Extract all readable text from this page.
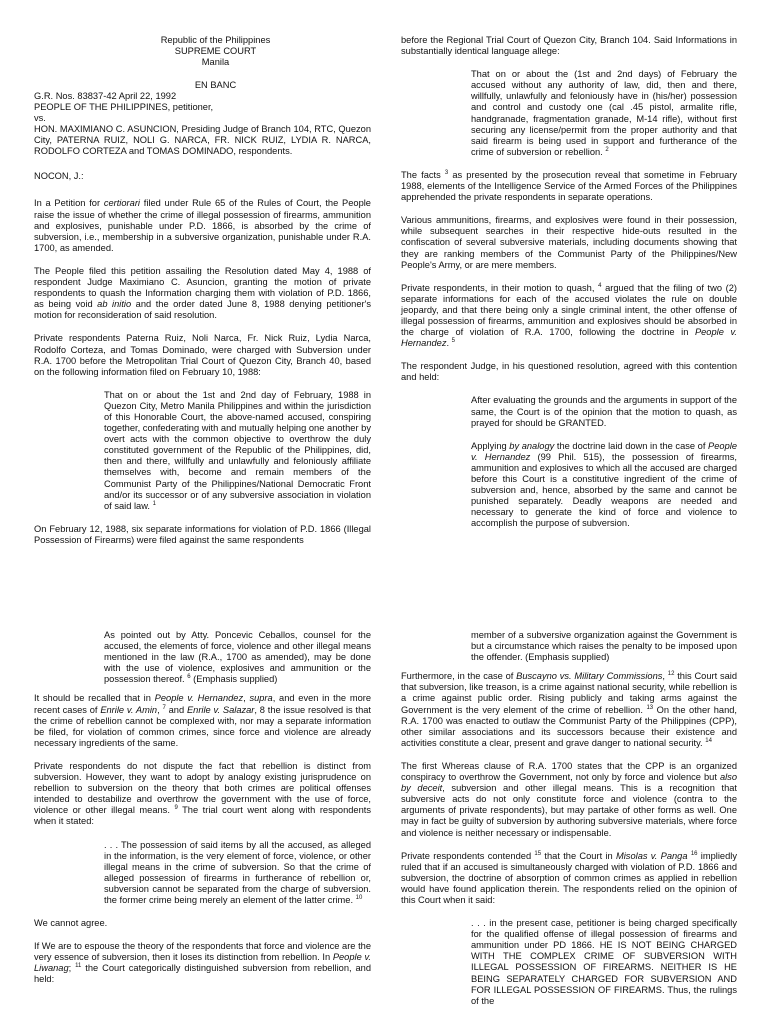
Republic of the Philippines
SUPREME COURT
Manila
EN BANC
G.R. Nos. 83837-42 April 22, 1992
PEOPLE OF THE PHILIPPINES, petitioner,
vs.
HON. MAXIMIANO C. ASUNCION, Presiding Judge of Branch 104, RTC, Quezon City, PATERNA RUIZ, NOLI G. NARCA, FR. NICK RUIZ, LYDIA R. NARCA, RODOLFO CORTEZA and TOMAS DOMINADO, respondents.

NOCON, J.:

In a Petition for certiorari filed under Rule 65 of the Rules of Court, the People raise the issue of whether the crime of illegal possession of firearms, ammunition and explosives, punishable under P.D. 1866, is absorbed by the crime of subversion, i.e., membership in a subversive organization, punishable under R.A. 1700, as amended.

The People filed this petition assailing the Resolution dated May 4, 1988 of respondent Judge Maximiano C. Asuncion, granting the motion of private respondents to quash the Information charging them with violation of P.D. 1866, as being void ab initio and the order dated June 8, 1988 denying petitioner's motion for reconsideration of said resolution.

Private respondents Paterna Ruiz, Noli Narca, Fr. Nick Ruiz, Lydia Narca, Rodolfo Corteza, and Tomas Dominado, were charged with Subversion under R.A. 1700 before the Metropolitan Trial Court of Quezon City, Branch 40, based on the following information filed on February 10, 1988:

That on or about the 1st and 2nd day of February, 1988 in Quezon City, Metro Manila Philippines and within the jurisdiction of this Honorable Court, the above-named accused, conspiring together, confederating with and mutually helping one another by overt acts with the common objective to overthrow the duly constituted government of the Republic of the Philippines, did, then and there, willfully and unlawfully and feloniously affiliate themselves with, become and remain members of the Communist Party of the Philippines/National Democratic Front and/or its successor or of any subversive association in violation of said law. $^1$

On February 12, 1988, six separate informations for violation of P.D. 1866 (Illegal Possession of Firearms) were filed against the same respondents

before the Regional Trial Court of Quezon City, Branch 104. Said Informations in substantially identical language allege:

That on or about the (1st and 2nd days) of February the accused without any authority of law, did, then and there, willfully, unlawfully and feloniously have in (his/her) possession and control and custody one (cal .45 pistol, armalite rifle, handgranade, fragmentation granade, M-14 rifle), without first securing any license/permit from the proper authority and that said firearm is being used in support and furtherance of the crime of subversion or rebellion. $^2$

The facts $^3$ as presented by the prosecution reveal that sometime in February 1988, elements of the Intelligence Service of the Armed Forces of the Philippines apprehended the private respondents in separate operations.

Various ammunitions, firearms, and explosives were found in their possession, while subsequent searches in their respective hide-outs resulted in the confiscation of several subversive materials, including documents showing that they are ranking members of the Communist Party of the Philippines/New People's Army, or are mere members.

Private respondents, in their motion to quash, $^4$ argued that the filing of two (2) separate informations for each of the accused violates the rule on double jeopardy, and that there being only a single criminal intent, the other offense of illegal possession of firearms, ammunition and explosives should be absorbed in the charge of violation of R.A. 1700, following the doctrine in People v. Hernandez. $^5$

The respondent Judge, in his questioned resolution, agreed with this contention and held:

After evaluating the grounds and the arguments in support of the same, the Court is of the opinion that the motion to quash, as prayed for should be GRANTED.

Applying by analogy the doctrine laid down in the case of People v. Hernandez (99 Phil. 515), the possession of firearms, ammunition and explosives to which all the accused are charged before this Court is a constitutive ingredient of the crime of subversion and, hence, absorbed by the same and cannot be punished separately. Deadly weapons are needed and necessary to generate the kind of force and violence to accomplish the purpose of subversion.

As pointed out by Atty. Poncevic Ceballos, counsel for the accused, the elements of force, violence and other illegal means mentioned in the law (R.A., 1700 as amended), may be done with the use of violence, explosives and ammunition or the possession thereof. $^6$ (Emphasis supplied)

It should be recalled that in People v. Hernandez, supra, and even in the more recent cases of Enrile v. Amin, $^7$ and Enrile v. Salazar, 8 the issue resolved is that the crime of rebellion cannot be complexed with, nor may a separate information be filed, for violation of common crimes, since force and violence are already necessary ingredients of the same.

Private respondents do not dispute the fact that rebellion is distinct from subversion. However, they want to adopt by analogy existing jurisprudence on rebellion to subversion on the theory that both crimes are political offenses intended to destabilize and overthrow the government with the use of force, violence or other illegal means. $^9$ The trial court went along with respondents when it stated:

. . . The possession of said items by all the accused, as alleged in the information, is the very element of force, violence, or other illegal means in the crime of subversion. So that the crime of alleged possession of firearms in furtherance of rebellion or, subversion cannot be separated from the charge of subversion. the former crime being merely an element of the latter crime. $^{10}$

We cannot agree.

If We are to espouse the theory of the respondents that force and violence are the very essence of subversion, then it loses its distinction from rebellion. In People v. Liwanag; $^{11}$ the Court categorically distinguished subversion from rebellion, and held:

member of a subversive organization against the Government is but a circumstance which raises the penalty to be imposed upon the offender. (Emphasis supplied)

Furthermore, in the case of Buscayno vs. Military Commissions, $^{12}$ this Court said that subversion, like treason, is a crime against national security, while rebellion is a crime against public order. Rising publicly and taking arms against the Government is the very element of the crime of rebellion. $^{13}$ On the other hand, R.A. 1700 was enacted to outlaw the Communist Party of the Philippines (CPP), other similar associations and its successors because their existence and activities constitute a clear, present and grave danger to national security. $^{14}$

The first Whereas clause of R.A. 1700 states that the CPP is an organized conspiracy to overthrow the Government, not only by force and violence but also by deceit, subversion and other illegal means. This is a recognition that subversive acts do not only constitute force and violence (contra to the arguments of private respondents), but may partake of other forms as well. One may in fact be guilty of subversion by authoring subversive materials, where force and violence is neither necessary or indispensable.

Private respondents contended $^{15}$ that the Court in Misolas v. Panga $^{16}$ impliedly ruled that if an accused is simultaneously charged with violation of P.D. 1866 and subversion, the doctrine of absorption of common crimes as applied in rebellion would have found application therein. The respondents relied on the opinion of this Court when it said:

. . . in the present case, petitioner is being charged specifically for the qualified offense of illegal possession of firearms and ammunition under PD 1866. HE IS NOT BEING CHARGED WITH THE COMPLEX CRIME OF SUBVERSION WITH ILLEGAL POSSESSION OF FIREARMS. NEITHER IS HE BEING SEPARATELY CHARGED FOR SUBVERSION AND FOR ILLEGAL POSSESSION OF FIREARMS. Thus, the rulings of the
